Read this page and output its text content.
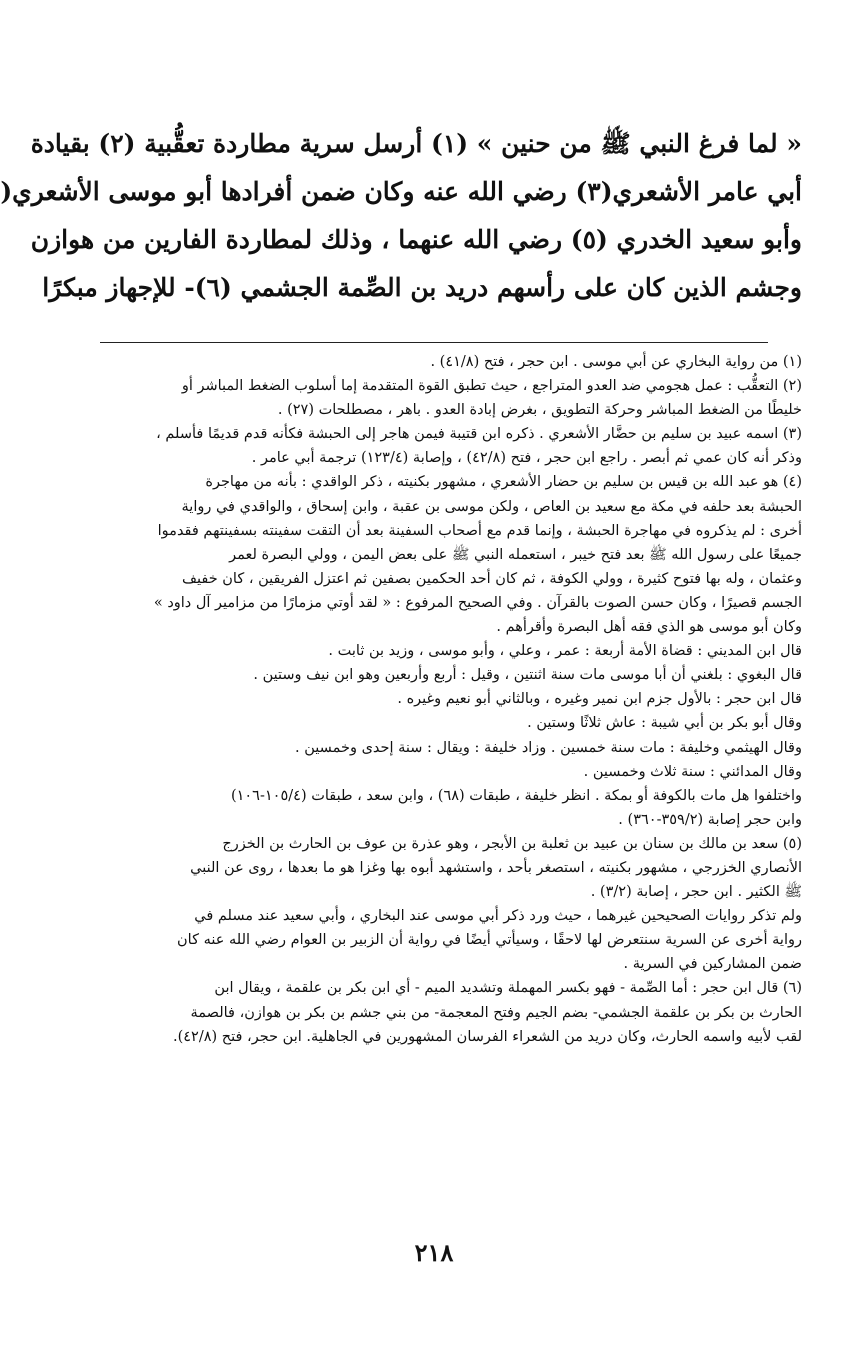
« لما فرغ النبي ﷺ من حنين » (١) أرسل سرية مطاردة تعقُّبية (٢) بقيادة
أبي عامر الأشعري(٣) رضي الله عنه وكان ضمن أفرادها أبو موسى الأشعري(
وأبو سعيد الخدري (٥) رضي الله عنهما ، وذلك لمطاردة الفارين من هوازن
وجشم الذين كان على رأسهم دريد بن الصِّمة الجشمي (٦)- للإجهاز مبكرًا
(١) من رواية البخاري عن أبي موسى . ابن حجر ، فتح (٤١/٨) .
(٢) التعقُّب : عمل هجومي ضد العدو المتراجع ، حيث تطبق القوة المتقدمة إما أسلوب الضغط المباشر أو
خليطًا من الضغط المباشر وحركة التطويق ، بغرض إبادة العدو . باهر ، مصطلحات (٢٧) .
(٣) اسمه عبيد بن سليم بن حضَّار الأشعري . ذكره ابن قتيبة فيمن هاجر إلى الحبشة فكأنه قدم قديمًا فأسلم ،
وذكر أنه كان عمي ثم أبصر . راجع ابن حجر ، فتح (٤٢/٨) ، وإصابة (١٢٣/٤) ترجمة أبي عامر .
(٤) هو عبد الله بن قيس بن سليم بن حضار الأشعري ، مشهور بكنيته ، ذكر الواقدي : بأنه من مهاجرة
الحبشة بعد حلفه في مكة مع سعيد بن العاص ، ولكن موسى بن عقبة ، وابن إسحاق ، والواقدي في رواية
أخرى : لم يذكروه في مهاجرة الحبشة ، وإنما قدم مع أصحاب السفينة بعد أن التقت سفينته بسفينتهم فقدموا
جميعًا على رسول الله ﷺ بعد فتح خيبر ، استعمله النبي ﷺ على بعض اليمن ، وولي البصرة لعمر
وعثمان ، وله بها فتوح كثيرة ، وولي الكوفة ، ثم كان أحد الحكمين بصفين ثم اعتزل الفريقين ، كان خفيف
الجسم قصيرًا ، وكان حسن الصوت بالقرآن . وفي الصحيح المرفوع : « لقد أوتي مزمارًا من مزامير آل داود »
وكان أبو موسى هو الذي فقه أهل البصرة وأقرأهم .
قال ابن المديني : قضاة الأمة أربعة : عمر ، وعلي ، وأبو موسى ، وزيد بن ثابت .
قال البغوي : بلغني أن أبا موسى مات سنة اثنتين ، وقيل : أربع وأربعين وهو ابن نيف وستين .
قال ابن حجر : بالأول جزم ابن نمير وغيره ، وبالثاني أبو نعيم وغيره .
وقال أبو بكر بن أبي شيبة : عاش ثلاثًا وستين .
وقال الهيثمي وخليفة : مات سنة خمسين . وزاد خليفة : ويقال : سنة إحدى وخمسين .
وقال المدائني : سنة ثلاث وخمسين .
واختلفوا هل مات بالكوفة أو بمكة . انظر خليفة ، طبقات (٦٨) ، وابن سعد ، طبقات (١٠٥/٤-١٠٦)
وابن حجر إصابة (٣٥٩/٢-٣٦٠) .
(٥) سعد بن مالك بن سنان بن عبيد بن ثعلبة بن الأبجر ، وهو عذرة بن عوف بن الحارث بن الخزرج
الأنصاري الخزرجي ، مشهور بكنيته ، استصغر بأحد ، واستشهد أبوه بها وغزا هو ما بعدها ، روى عن النبي
ﷺ الكثير . ابن حجر ، إصابة (٣/٢) .
ولم تذكر روايات الصحيحين غيرهما ، حيث ورد ذكر أبي موسى عند البخاري ، وأبي سعيد عند مسلم في
رواية أخرى عن السرية سنتعرض لها لاحقًا ، وسيأتي أيضًا في رواية أن الزبير بن العوام رضي الله عنه كان
ضمن المشاركين في السرية .
(٦) قال ابن حجر : أما الصِّمة - فهو بكسر المهملة وتشديد الميم - أي ابن بكر بن علقمة ، ويقال ابن
الحارث بن بكر بن علقمة الجشمي- بضم الجيم وفتح المعجمة- من بني جشم بن بكر بن هوازن، فالصمة
لقب لأبيه واسمه الحارث، وكان دريد من الشعراء الفرسان المشهورين في الجاهلية. ابن حجر، فتح (٤٢/٨).
٢١٨
